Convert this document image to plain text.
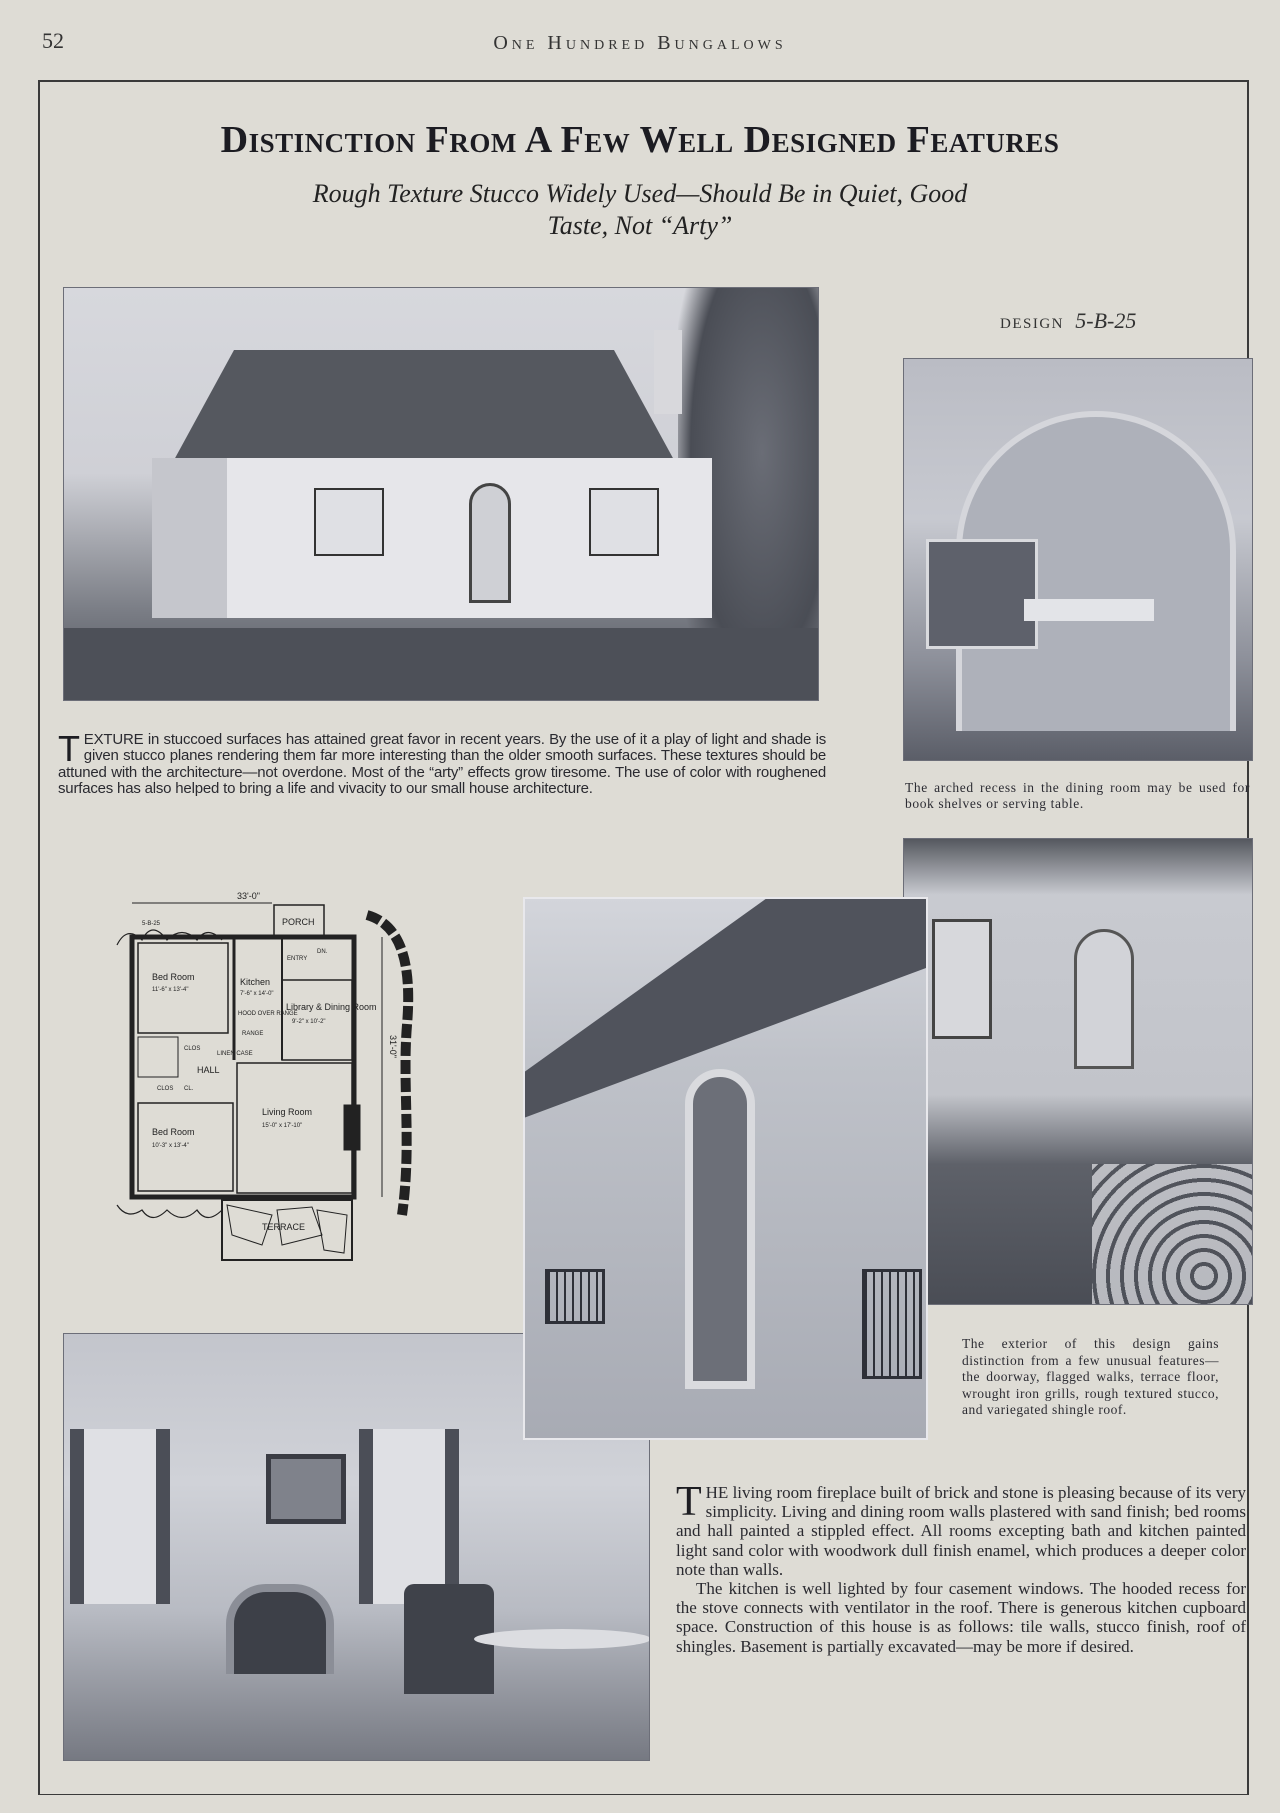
52	One Hundred Bungalows
Distinction From A Few Well Designed Features
Rough Texture Stucco Widely Used—Should Be in Quiet, Good
Taste, Not “Arty”
DESIGN 5-B-25
T EXTURE in stuccoed surfaces has attained great favor in recent years. By the use of it a play of light and shade is given stucco planes rendering them far more interesting than the older smooth surfaces. These textures should be attuned with the architecture—not overdone. Most of the “arty” effects grow tiresome. The use of color with roughened surfaces has also helped to bring a life and vivacity to our small house architecture.	The arched recess in the dining room may be used for book shelves or serving table.
5-B-25
33'-0"
31'-0"
PORCH
Bed Room
11'-6" x 13'-4"
Kitchen
7'-6" x 14'-0"
HOOD OVER RANGE
RANGE
ENTRY
DN.
Library & Dining Room
9'-2" x 10'-2"
CLOS
LINEN CASE
HALL
CLOS CL.
Living Room
15'-0" x 17'-10"
Bed Room
10'-3" x 13'-4"
TERRACE
The exterior of this design gains distinction from a few unusual features—the doorway, flagged walks, terrace floor, wrought iron grills, rough textured stucco, and variegated shingle roof.

THE living room fireplace built of brick and stone is pleasing because of its very simplicity. Living and dining room walls plastered with sand finish; bed rooms and hall painted a stippled effect. All rooms excepting bath and kitchen painted light sand color with woodwork dull finish enamel, which produces a deeper color note than walls.

The kitchen is well lighted by four casement windows. The hooded recess for the stove connects with ventilator in the roof. There is generous kitchen cupboard space. Construction of this house is as follows: tile walls, stucco finish, roof of shingles. Basement is partially excavated—may be more if desired.
